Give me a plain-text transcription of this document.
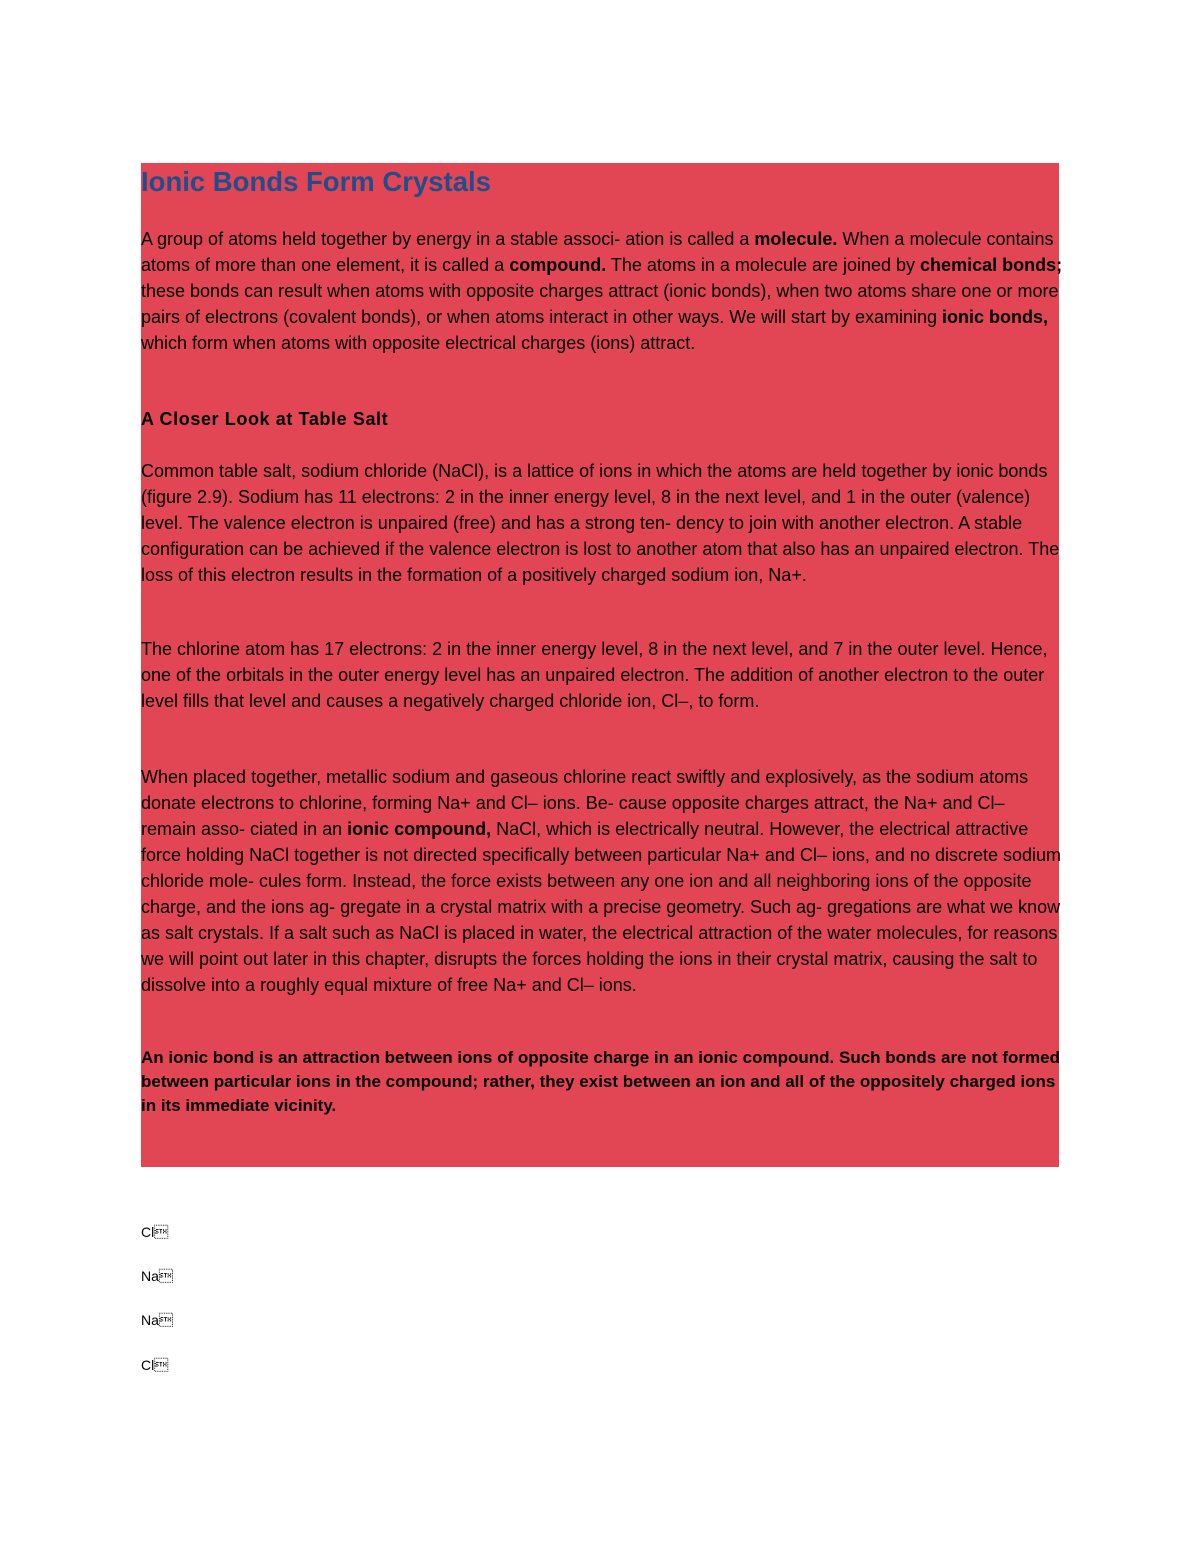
Ionic Bonds Form Crystals

A group of atoms held together by energy in a stable associ- ation is called a molecule. When a molecule contains atoms of more than one element, it is called a compound. The atoms in a molecule are joined by chemical bonds; these bonds can result when atoms with opposite charges attract (ionic bonds), when two atoms share one or more pairs of electrons (covalent bonds), or when atoms interact in other ways. We will start by examining ionic bonds, which form when atoms with opposite electrical charges (ions) attract.

A Closer Look at Table Salt

Common table salt, sodium chloride (NaCl), is a lattice of ions in which the atoms are held together by ionic bonds (figure 2.9). Sodium has 11 electrons: 2 in the inner energy level, 8 in the next level, and 1 in the outer (valence) level. The valence electron is unpaired (free) and has a strong ten- dency to join with another electron. A stable configuration can be achieved if the valence electron is lost to another atom that also has an unpaired electron. The loss of this electron results in the formation of a positively charged sodium ion, Na+.

The chlorine atom has 17 electrons: 2 in the inner energy level, 8 in the next level, and 7 in the outer level. Hence, one of the orbitals in the outer energy level has an unpaired electron. The addition of another electron to the outer level fills that level and causes a negatively charged chloride ion, Cl–, to form.

When placed together, metallic sodium and gaseous chlorine react swiftly and explosively, as the sodium atoms donate electrons to chlorine, forming Na+ and Cl– ions. Be- cause opposite charges attract, the Na+ and Cl– remain asso- ciated in an ionic compound, NaCl, which is electrically neutral. However, the electrical attractive force holding NaCl together is not directed specifically between particular Na+ and Cl– ions, and no discrete sodium chloride mole- cules form. Instead, the force exists between any one ion and all neighboring ions of the opposite charge, and the ions ag- gregate in a crystal matrix with a precise geometry. Such ag- gregations are what we know as salt crystals. If a salt such as NaCl is placed in water, the electrical attraction of the water molecules, for reasons we will point out later in this chapter, disrupts the forces holding the ions in their crystal matrix, causing the salt to dissolve into a roughly equal mixture of free Na+ and Cl– ions.

An ionic bond is an attraction between ions of opposite charge in an ionic compound. Such bonds are not formed between particular ions in the compound; rather, they exist between an ion and all of the oppositely charged ions in its immediate vicinity.

Cl

Na

Na

Cl
